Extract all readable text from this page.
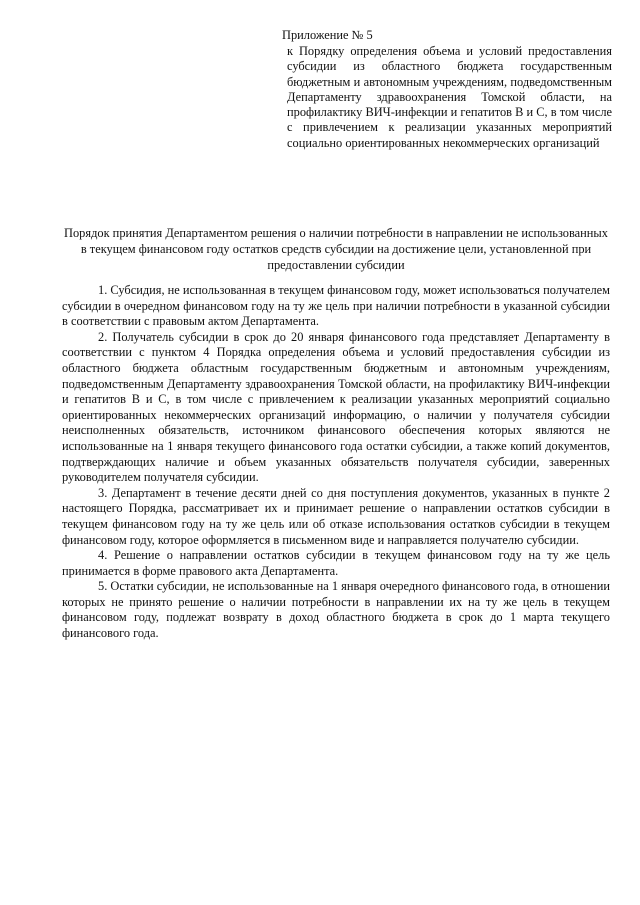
Приложение № 5

к Порядку определения объема и условий предоставления субсидии из областного бюджета государственным бюджетным и автономным учреждениям, подведомственным Департаменту здравоохранения Томской области, на профилактику ВИЧ-инфекции и гепатитов В и С, в том числе с привлечением к реализации указанных мероприятий социально ориентированных некоммерческих организаций

Порядок принятия Департаментом решения о наличии потребности в направлении не использованных в текущем финансовом году остатков средств субсидии на достижение цели, установленной при предоставлении субсидии

1. Субсидия, не использованная в текущем финансовом году, может использоваться получателем субсидии в очередном финансовом году на ту же цель при наличии потребности в указанной субсидии в соответствии с правовым актом Департамента.

2. Получатель субсидии в срок до 20 января финансового года представляет Департаменту в соответствии с пунктом 4 Порядка определения объема и условий предоставления субсидии из областного бюджета областным государственным бюджетным и автономным учреждениям, подведомственным Департаменту здравоохранения Томской области, на профилактику ВИЧ-инфекции и гепатитов В и С, в том числе с привлечением к реализации указанных мероприятий социально ориентированных некоммерческих организаций информацию, о наличии у получателя субсидии неисполненных обязательств, источником финансового обеспечения которых являются не использованные на 1 января текущего финансового года остатки субсидии, а также копий документов, подтверждающих наличие и объем указанных обязательств получателя субсидии, заверенных руководителем получателя субсидии.

3. Департамент в течение десяти дней со дня поступления документов, указанных в пункте 2 настоящего Порядка, рассматривает их и принимает решение о направлении остатков субсидии в текущем финансовом году на ту же цель или об отказе использования остатков субсидии в текущем финансовом году, которое оформляется в письменном виде и направляется получателю субсидии.

4. Решение о направлении остатков субсидии в текущем финансовом году на ту же цель принимается в форме правового акта Департамента.

5. Остатки субсидии, не использованные на 1 января очередного финансового года, в отношении которых не принято решение о наличии потребности в направлении их на ту же цель в текущем финансовом году, подлежат возврату в доход областного бюджета в срок до 1 марта текущего финансового года.
